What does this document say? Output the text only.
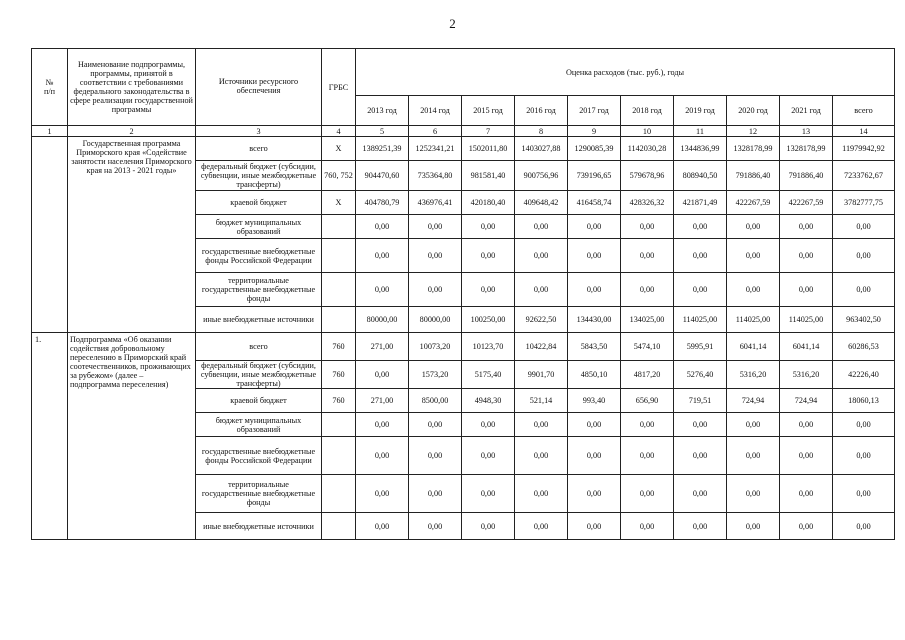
2
№
п/п	Наименование подпрограммы, программы, принятой в соответствии с требованиями федерального законодательства в сфере реализации государственной программы	Источники ресурсного обеспечения	ГРБС	Оценка расходов (тыс. руб.), годы									
				2013 год	2014 год	2015 год	2016 год	2017 год	2018 год	2019 год	2020 год	2021 год	всего
1	2	3	4	5	6	7	8	9	10	11	12	13	14
	Государственная программа Приморского края «Содействие занятости населения Приморского края на 2013 - 2021 годы»	всего	X	1389251,39	1252341,21	1502011,80	1403027,88	1290085,39	1142030,28	1344836,99	1328178,99	1328178,99	11979942,92
		федеральный бюджет (субсидии, субвенции, иные межбюджетные трансферты)	760, 752	904470,60	735364,80	981581,40	900756,96	739196,65	579678,96	808940,50	791886,40	791886,40	7233762,67
		краевой бюджет	X	404780,79	436976,41	420180,40	409648,42	416458,74	428326,32	421871,49	422267,59	422267,59	3782777,75
		бюджет муниципальных образований		0,00	0,00	0,00	0,00	0,00	0,00	0,00	0,00	0,00	0,00
		государственные внебюджетные фонды Российской Федерации		0,00	0,00	0,00	0,00	0,00	0,00	0,00	0,00	0,00	0,00
		территориальные государственные внебюджетные фонды		0,00	0,00	0,00	0,00	0,00	0,00	0,00	0,00	0,00	0,00
		иные внебюджетные источники		80000,00	80000,00	100250,00	92622,50	134430,00	134025,00	114025,00	114025,00	114025,00	963402,50
1.	Подпрограмма «Об оказании содействия добровольному переселению в Приморский край соотечественников, проживающих за рубежом» (далее – подпрограмма переселения)	всего	760	271,00	10073,20	10123,70	10422,84	5843,50	5474,10	5995,91	6041,14	6041,14	60286,53
		федеральный бюджет (субсидии, субвенции, иные межбюджетные трансферты)	760	0,00	1573,20	5175,40	9901,70	4850,10	4817,20	5276,40	5316,20	5316,20	42226,40
		краевой бюджет	760	271,00	8500,00	4948,30	521,14	993,40	656,90	719,51	724,94	724,94	18060,13
		бюджет муниципальных образований		0,00	0,00	0,00	0,00	0,00	0,00	0,00	0,00	0,00	0,00
		государственные внебюджетные фонды Российской Федерации		0,00	0,00	0,00	0,00	0,00	0,00	0,00	0,00	0,00	0,00
		территориальные государственные внебюджетные фонды		0,00	0,00	0,00	0,00	0,00	0,00	0,00	0,00	0,00	0,00
		иные внебюджетные источники		0,00	0,00	0,00	0,00	0,00	0,00	0,00	0,00	0,00	0,00
